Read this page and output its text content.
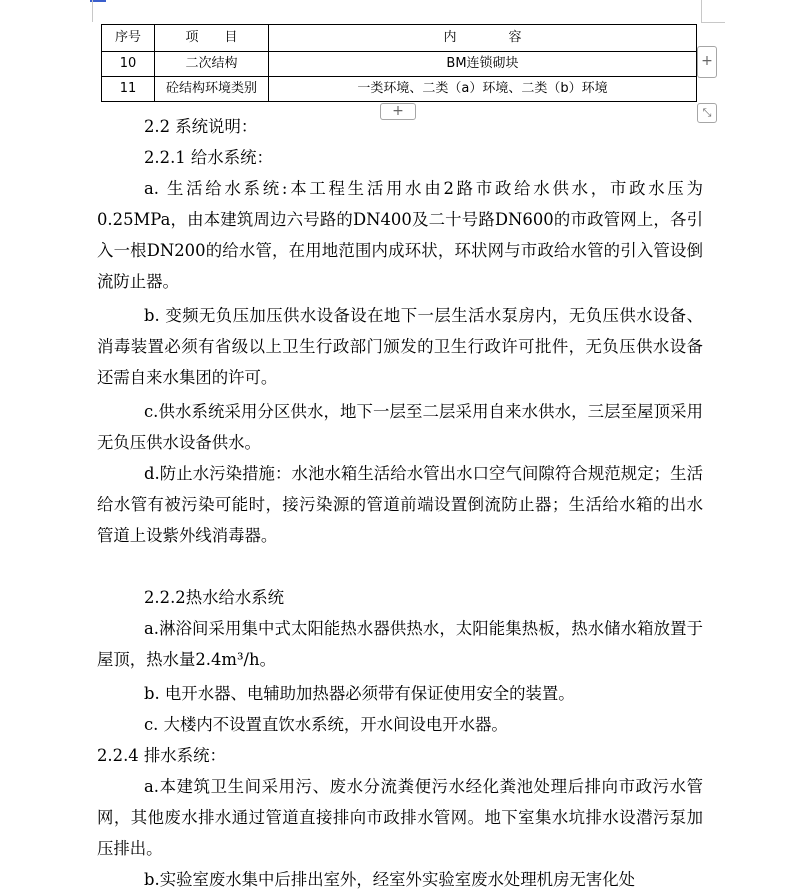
序号	项　　目	内　　　　容
10	二次结构	BM连锁砌块
11	砼结构环境类别	一类环境、二类（a）环境、二类（b）环境
+
+	⤡

2.2 系统说明：

2.2.1 给水系统：

a. 生活给水系统:本工程生活用水由2路市政给水供水，市政水压为0.25MPa，由本建筑周边六号路的DN400及二十号路DN600的市政管网上，各引入一根DN200的给水管，在用地范围内成环状，环状网与市政给水管的引入管设倒流防止器。

b. 变频无负压加压供水设备设在地下一层生活水泵房内，无负压供水设备、消毒装置必须有省级以上卫生行政部门颁发的卫生行政许可批件，无负压供水设备还需自来水集团的许可。

c.供水系统采用分区供水，地下一层至二层采用自来水供水，三层至屋顶采用无负压供水设备供水。

d.防止水污染措施：水池水箱生活给水管出水口空气间隙符合规范规定；生活给水管有被污染可能时，接污染源的管道前端设置倒流防止器；生活给水箱的出水管道上设紫外线消毒器。

2.2.2热水给水系统

a.淋浴间采用集中式太阳能热水器供热水，太阳能集热板，热水储水箱放置于屋顶，热水量2.4m³/h。

b. 电开水器、电辅助加热器必须带有保证使用安全的装置。

c. 大楼内不设置直饮水系统，开水间设电开水器。

2.2.4 排水系统：

a.本建筑卫生间采用污、废水分流粪便污水经化粪池处理后排向市政污水管网，其他废水排水通过管道直接排向市政排水管网。地下室集水坑排水设潜污泵加压排出。

b.实验室废水集中后排出室外，经室外实验室废水处理机房无害化处
